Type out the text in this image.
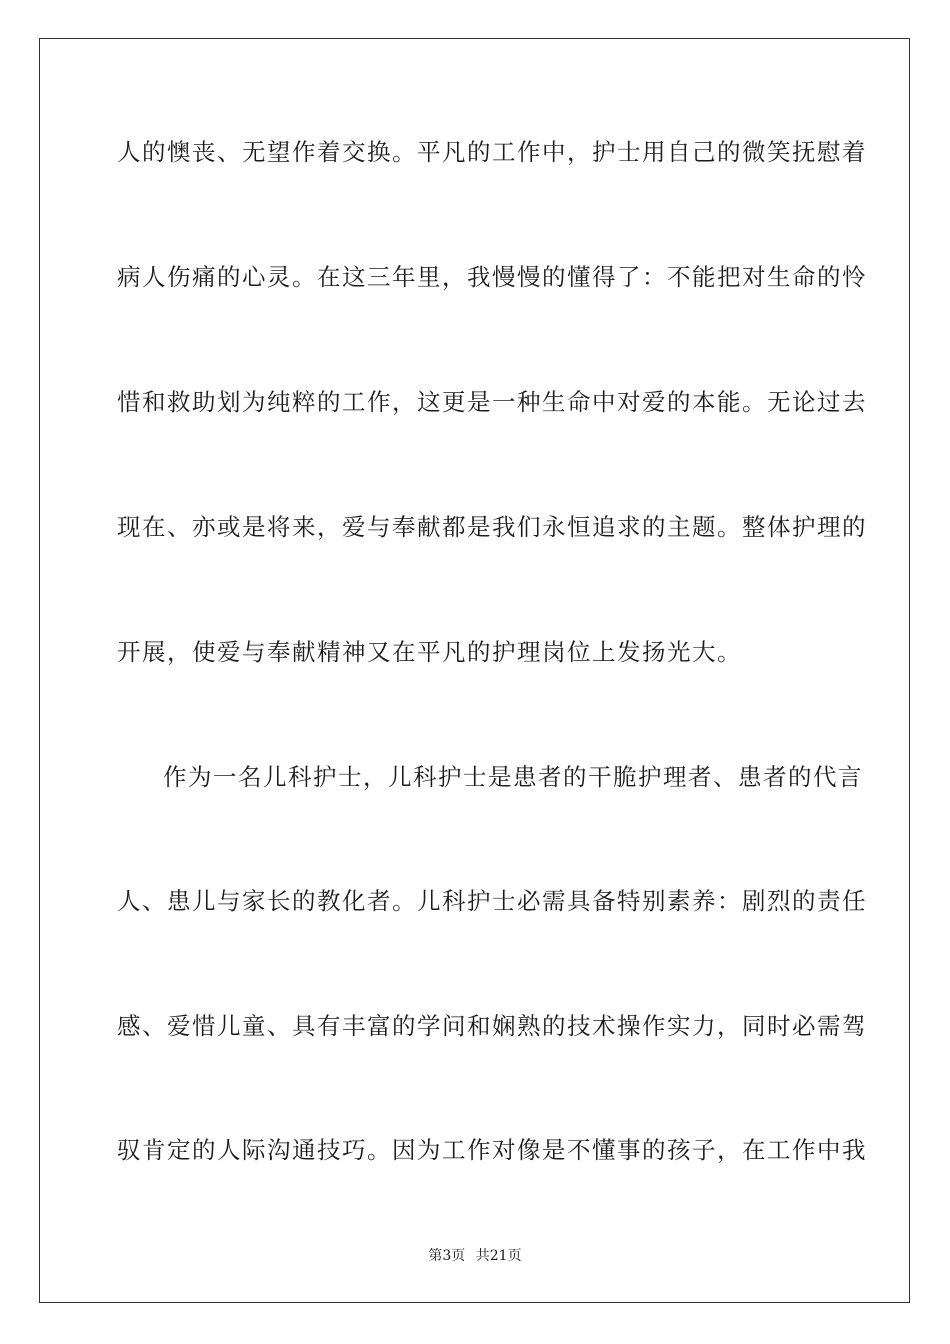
人的懊丧、无望作着交换。平凡的工作中，护士用自己的微笑抚慰着
病人伤痛的心灵。在这三年里，我慢慢的懂得了：不能把对生命的怜
惜和救助划为纯粹的工作，这更是一种生命中对爱的本能。无论过去
现在、亦或是将来，爱与奉献都是我们永恒追求的主题。整体护理的
开展，使爱与奉献精神又在平凡的护理岗位上发扬光大。
作为一名儿科护士，儿科护士是患者的干脆护理者、患者的代言
人、患儿与家长的教化者。儿科护士必需具备特别素养：剧烈的责任
感、爱惜儿童、具有丰富的学问和娴熟的技术操作实力，同时必需驾
驭肯定的人际沟通技巧。因为工作对像是不懂事的孩子，在工作中我
第3页 共21页
